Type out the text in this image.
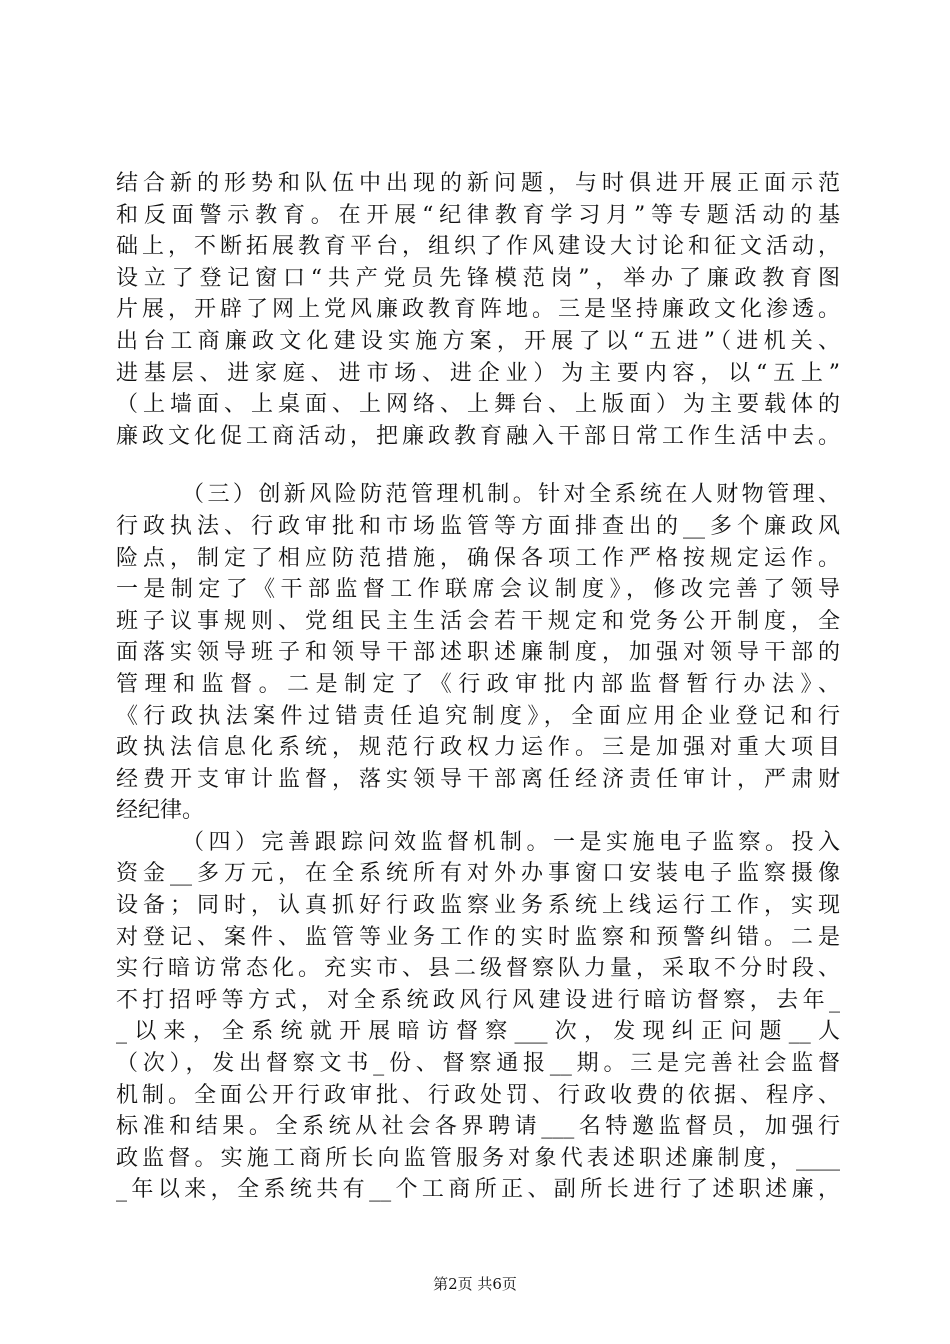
结合新的形势和队伍中出现的新问题，与时俱进开展正面示范
和反面警示教育。在开展“纪律教育学习月”等专题活动的基
础上，不断拓展教育平台，组织了作风建设大讨论和征文活动，
设立了登记窗口“共产党员先锋模范岗”，举办了廉政教育图
片展，开辟了网上党风廉政教育阵地。三是坚持廉政文化渗透。
出台工商廉政文化建设实施方案，开展了以“五进”（进机关、
进基层、进家庭、进市场、进企业）为主要内容，以“五上”
（上墙面、上桌面、上网络、上舞台、上版面）为主要载体的
廉政文化促工商活动，把廉政教育融入干部日常工作生活中去。
（三）创新风险防范管理机制。针对全系统在人财物管理、
行政执法、行政审批和市场监管等方面排查出的__多个廉政风
险点，制定了相应防范措施，确保各项工作严格按规定运作。
一是制定了《干部监督工作联席会议制度》，修改完善了领导
班子议事规则、党组民主生活会若干规定和党务公开制度，全
面落实领导班子和领导干部述职述廉制度，加强对领导干部的
管理和监督。二是制定了《行政审批内部监督暂行办法》、
《行政执法案件过错责任追究制度》，全面应用企业登记和行
政执法信息化系统，规范行政权力运作。三是加强对重大项目
经费开支审计监督，落实领导干部离任经济责任审计，严肃财
经纪律。
（四）完善跟踪问效监督机制。一是实施电子监察。投入
资金__多万元，在全系统所有对外办事窗口安装电子监察摄像
设备；同时，认真抓好行政监察业务系统上线运行工作，实现
对登记、案件、监管等业务工作的实时监察和预警纠错。二是
实行暗访常态化。充实市、县二级督察队力量，采取不分时段、
不打招呼等方式，对全系统政风行风建设进行暗访督察，去年_
_以来，全系统就开展暗访督察___次，发现纠正问题__人
（次），发出督察文书_份、督察通报__期。三是完善社会监督
机制。全面公开行政审批、行政处罚、行政收费的依据、程序、
标准和结果。全系统从社会各界聘请___名特邀监督员，加强行
政监督。实施工商所长向监管服务对象代表述职述廉制度，____
_年以来，全系统共有__个工商所正、副所长进行了述职述廉，
第2页 共6页
